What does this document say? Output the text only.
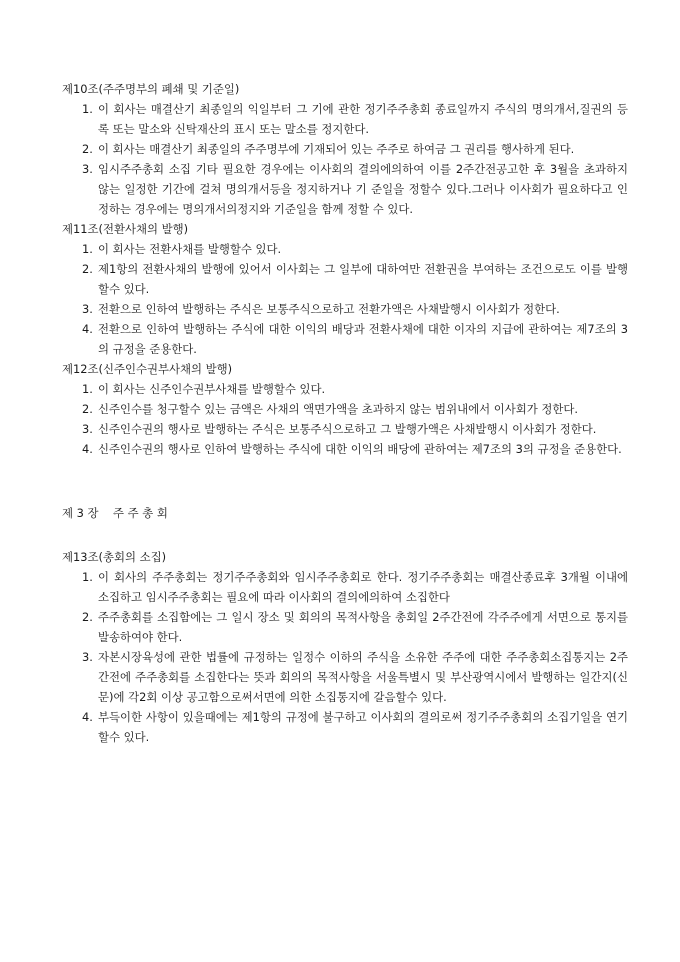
제10조(주주명부의 폐쇄 및 기준일)
1. 이 회사는 매결산기 최종일의 익일부터 그 기에 관한 정기주주총회 종료일까지 주식의 명의개서,질권의 등록 또는 말소와 신탁재산의 표시 또는 말소를 정지한다.
2. 이 회사는 매결산기 최종일의 주주명부에 기재되어 있는 주주로 하여금 그 권리를 행사하게 된다.
3. 임시주주총회 소집 기타 필요한 경우에는 이사회의 결의에의하여 이를 2주간전공고한 후 3월을 초과하지 않는 일정한 기간에 걸쳐 명의개서등을 정지하거나 기 준일을 정할수 있다.그러나 이사회가 필요하다고 인정하는 경우에는 명의개서의정지와 기준일을 함께 정할 수 있다.
제11조(전환사채의 발행)
1. 이 회사는 전환사채를 발행할수 있다.
2. 제1항의 전환사채의 발행에 있어서 이사회는 그 일부에 대하여만 전환권을 부여하는 조건으로도 이를 발행할수 있다.
3. 전환으로 인하여 발행하는 주식은 보통주식으로하고 전환가액은 사채발행시 이사회가 정한다.
4. 전환으로 인하여 발행하는 주식에 대한 이익의 배당과 전환사채에 대한 이자의 지급에 관하여는 제7조의 3의 규정을 준용한다.
제12조(신주인수권부사채의 발행)
1. 이 회사는 신주인수권부사채를 발행할수 있다.
2. 신주인수를 청구할수 있는 금액은 사채의 액면가액을 초과하지 않는 범위내에서 이사회가 정한다.
3. 신주인수권의 행사로 발행하는 주식은 보통주식으로하고 그 발행가액은 사채발행시 이사회가 정한다.
4. 신주인수권의 행사로 인하여 발행하는 주식에 대한 이익의 배당에 관하여는 제7조의 3의 규정을 준용한다.
제 3 장    주 주 총 회
제13조(총회의 소집)
1. 이 회사의 주주총회는 정기주주총회와 임시주주총회로 한다. 정기주주총회는 매결산종료후 3개월 이내에 소집하고 임시주주총회는 필요에 따라 이사회의 결의에의하여 소집한다
2. 주주총회를 소집함에는 그 일시 장소 및 회의의 목적사항을 총회일 2주간전에 각주주에게 서면으로 통지를 발송하여야 한다.
3. 자본시장육성에 관한 법률에 규정하는 일정수 이하의 주식을 소유한 주주에 대한 주주총회소집통지는 2주간전에 주주총회를 소집한다는 뜻과 회의의 목적사항을 서울특별시 및 부산광역시에서 발행하는 일간지(신문)에 각2회 이상 공고함으로써서면에 의한 소집통지에 갈음할수 있다.
4. 부득이한 사항이 있을때에는 제1항의 규정에 불구하고 이사회의 결의로써 정기주주총회의 소집기일을 연기할수 있다.
